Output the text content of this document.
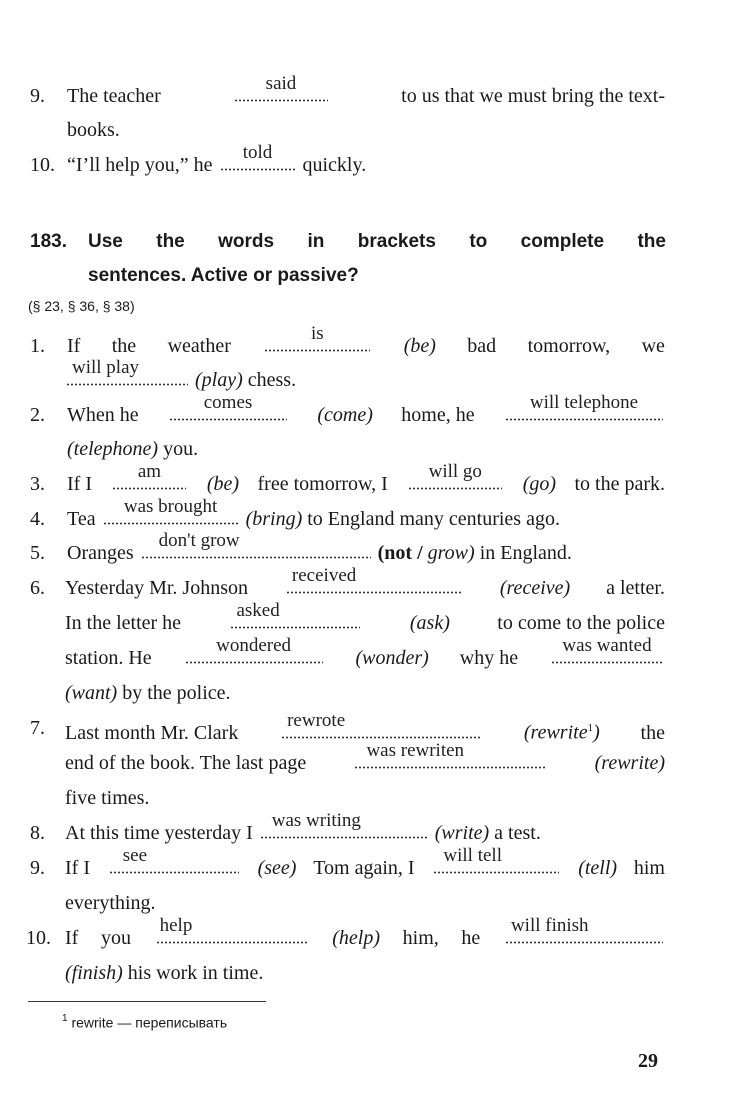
9. The teacher
said
to us that we must bring the text-
books.
10. “I’ll help you,” he
told
quickly.
183. Use the words in brackets to complete the
sentences. Active or passive?
(§ 23, § 36, § 38)
1. If the weather
is
(be) bad tomorrow, we
will play
(play) chess.
2. When he
comes
(come) home, he
will telephone
(telephone) you.
3. If I
am
(be) free tomorrow, I
will go
(go) to the park.
4. Tea
was brought
(bring) to England many centuries ago.
5. Oranges
don't grow
(not / grow) in England.
6. Yesterday Mr. Johnson
received
(receive) a letter.
In the letter he
asked
(ask) to come to the police
station. He
wondered
(wonder) why he
was wanted
(want) by the police.
7. Last month Mr. Clark
rewrote
(rewrite$^1$) the
end of the book. The last page
was rewriten
(rewrite)
five times.
8. At this time yesterday I
was writing
(write) a test.
9. If I
see
(see) Tom again, I
will tell
(tell) him
everything.
10. If you
help
(help) him, he
will finish
(finish) his work in time.
$^1$ rewrite — переписывать
29
